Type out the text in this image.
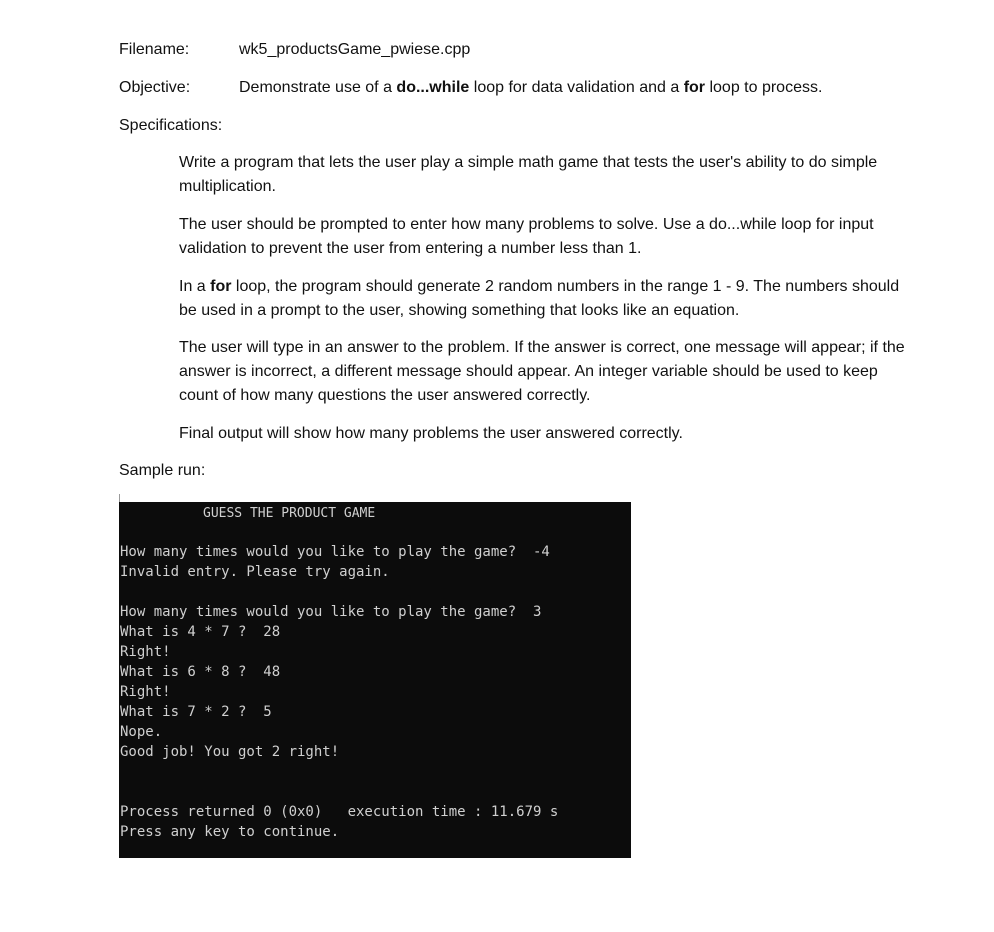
Filename:	wk5_productsGame_pwiese.cpp
Objective:	Demonstrate use of a do...while loop for data validation and a for loop to process.
Specifications:
Write a program that lets the user play a simple math game that tests the user's ability to do simple multiplication.
The user should be prompted to enter how many problems to solve. Use a do...while loop for input validation to prevent the user from entering a number less than 1.
In a for loop, the program should generate 2 random numbers in the range 1 - 9. The numbers should be used in a prompt to the user, showing something that looks like an equation.
The user will type in an answer to the problem. If the answer is correct, one message will appear; if the answer is incorrect, a different message should appear. An integer variable should be used to keep count of how many questions the user answered correctly.
Final output will show how many problems the user answered correctly.
Sample run:
GUESS THE PRODUCT GAME
How many times would you like to play the game?  -4
Invalid entry. Please try again.
How many times would you like to play the game?  3
What is 4 * 7 ?  28
Right!
What is 6 * 8 ?  48
Right!
What is 7 * 2 ?  5
Nope.
Good job! You got 2 right!
Process returned 0 (0x0)   execution time : 11.679 s
Press any key to continue.
